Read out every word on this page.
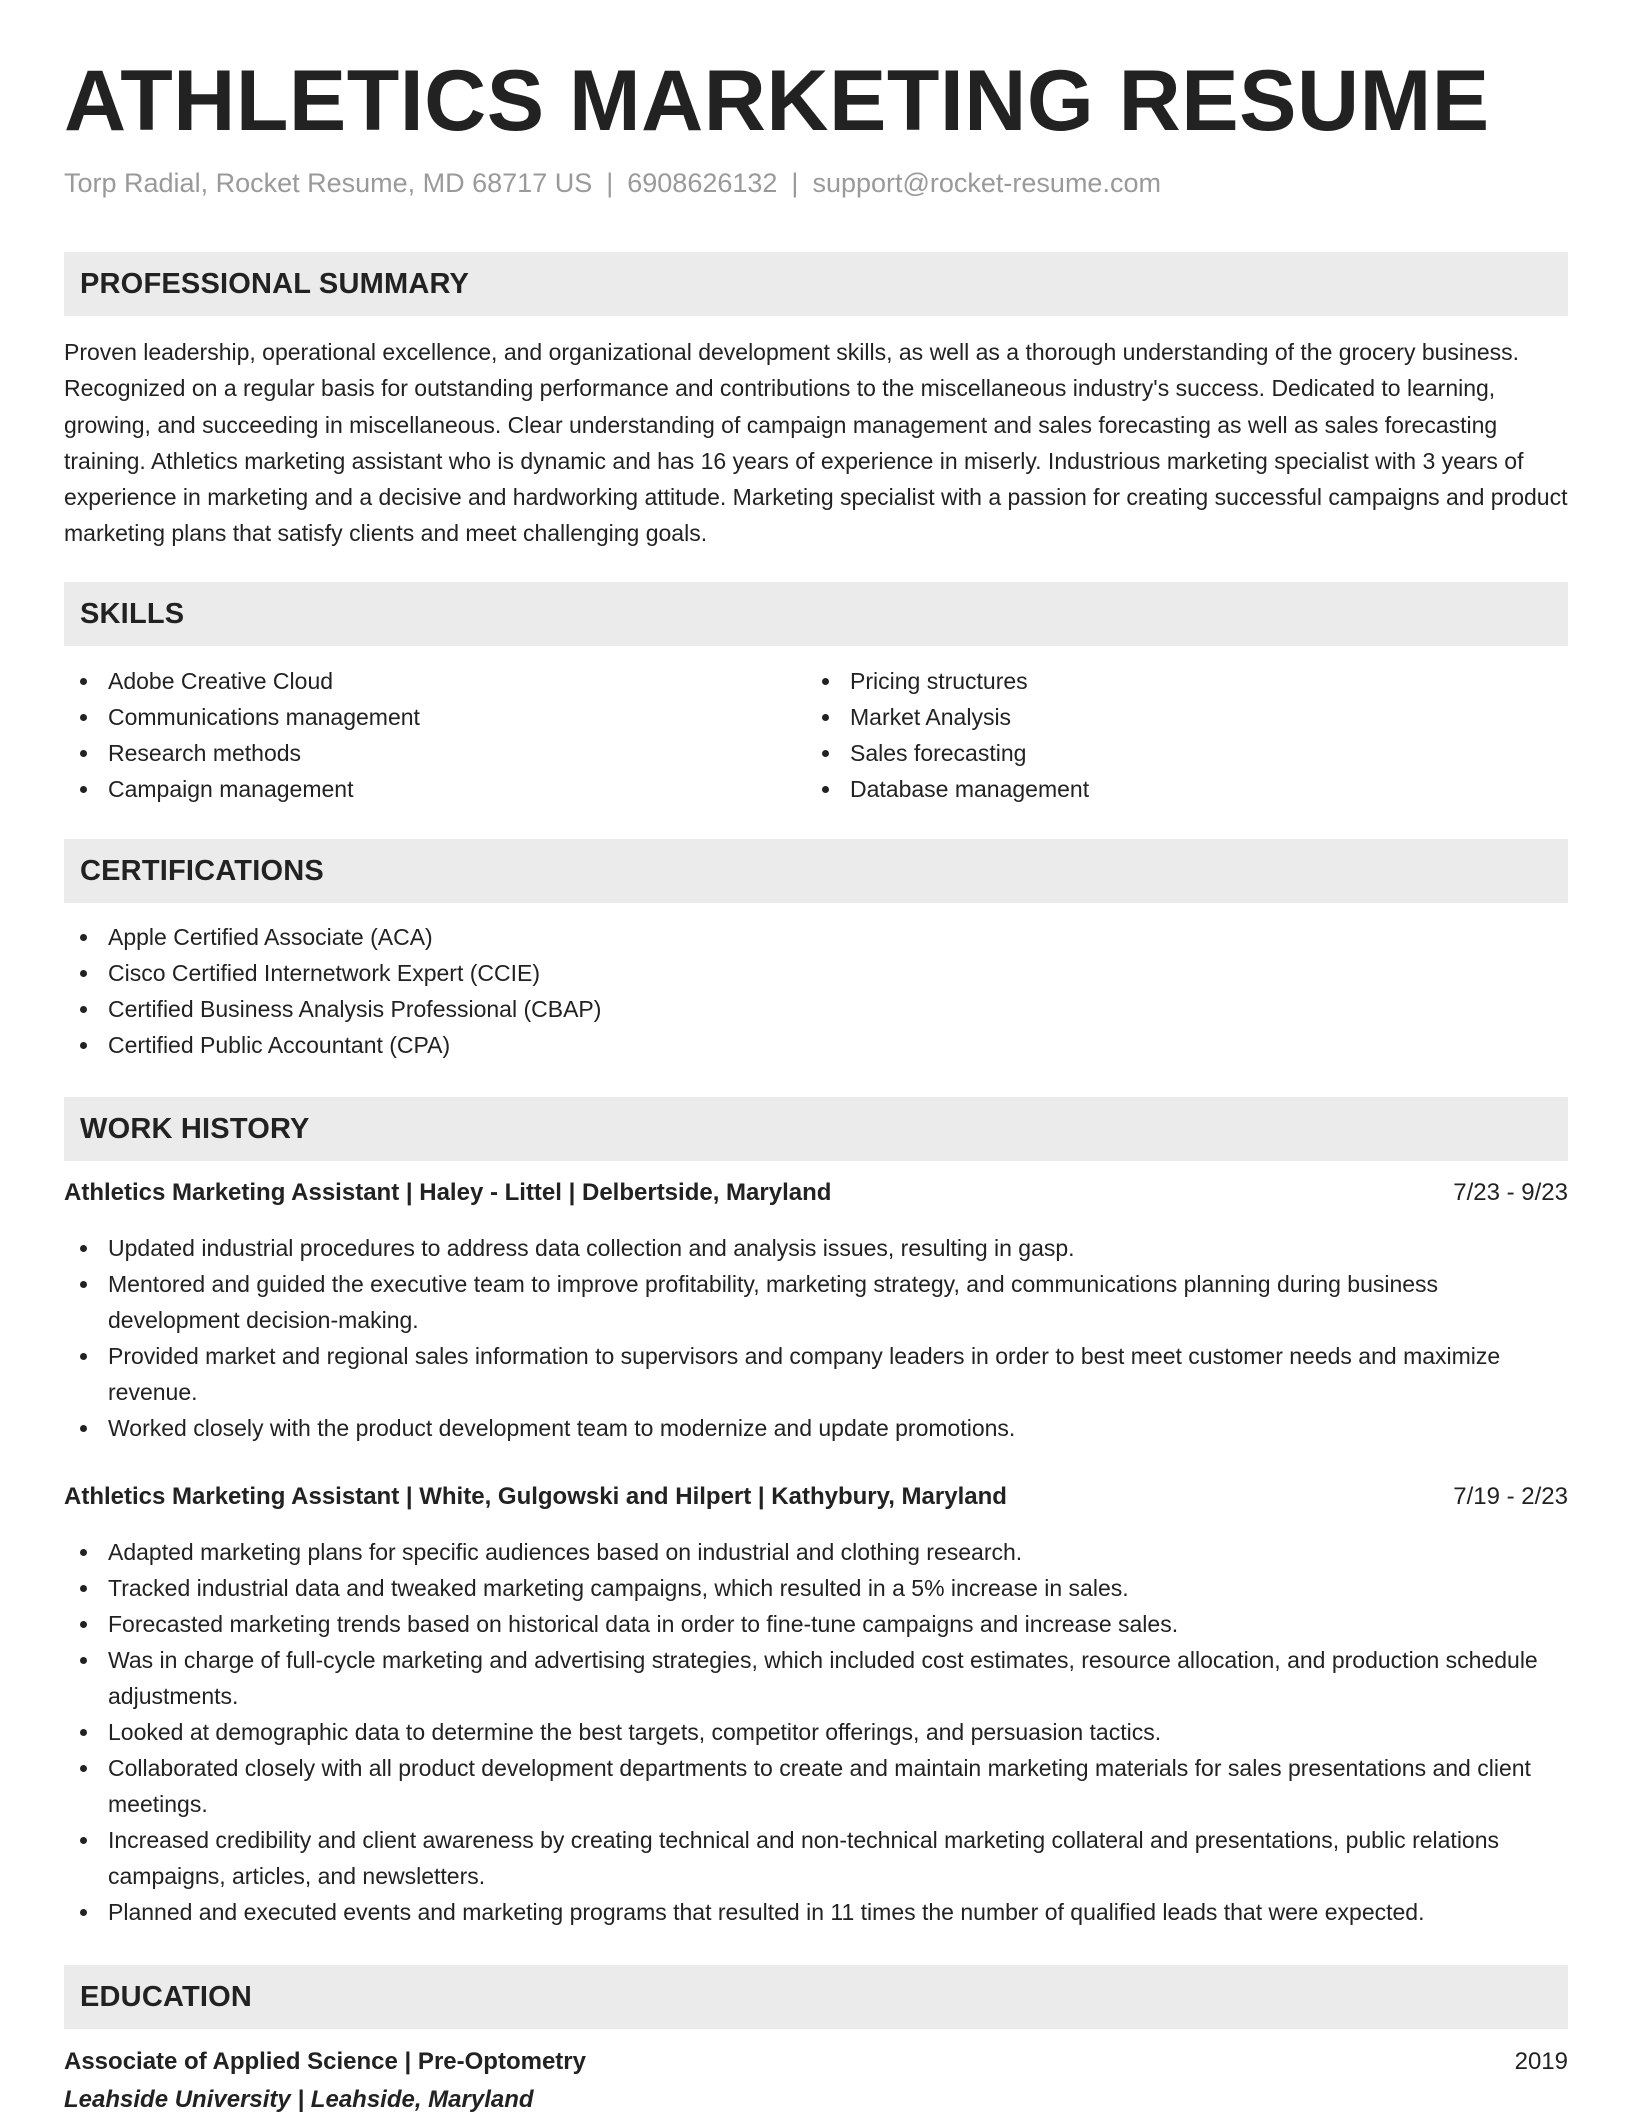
ATHLETICS MARKETING RESUME
Torp Radial, Rocket Resume, MD 68717 US | 6908626132 | support@rocket-resume.com
PROFESSIONAL SUMMARY

Proven leadership, operational excellence, and organizational development skills, as well as a thorough understanding of the grocery business. Recognized on a regular basis for outstanding performance and contributions to the miscellaneous industry's success. Dedicated to learning, growing, and succeeding in miscellaneous. Clear understanding of campaign management and sales forecasting as well as sales forecasting training. Athletics marketing assistant who is dynamic and has 16 years of experience in miserly. Industrious marketing specialist with 3 years of experience in marketing and a decisive and hardworking attitude. Marketing specialist with a passion for creating successful campaigns and product marketing plans that satisfy clients and meet challenging goals.

SKILLS
Adobe Creative Cloud
Communications management
Research methods
Campaign management
Pricing structures
Market Analysis
Sales forecasting
Database management
CERTIFICATIONS
Apple Certified Associate (ACA)
Cisco Certified Internetwork Expert (CCIE)
Certified Business Analysis Professional (CBAP)
Certified Public Accountant (CPA)
WORK HISTORY
Athletics Marketing Assistant | Haley - Littel | Delbertside, Maryland	7/23 - 9/23
Updated industrial procedures to address data collection and analysis issues, resulting in gasp.
Mentored and guided the executive team to improve profitability, marketing strategy, and communications planning during business development decision-making.
Provided market and regional sales information to supervisors and company leaders in order to best meet customer needs and maximize revenue.
Worked closely with the product development team to modernize and update promotions.
Athletics Marketing Assistant | White, Gulgowski and Hilpert | Kathybury, Maryland	7/19 - 2/23
Adapted marketing plans for specific audiences based on industrial and clothing research.
Tracked industrial data and tweaked marketing campaigns, which resulted in a 5% increase in sales.
Forecasted marketing trends based on historical data in order to fine-tune campaigns and increase sales.
Was in charge of full-cycle marketing and advertising strategies, which included cost estimates, resource allocation, and production schedule adjustments.
Looked at demographic data to determine the best targets, competitor offerings, and persuasion tactics.
Collaborated closely with all product development departments to create and maintain marketing materials for sales presentations and client meetings.
Increased credibility and client awareness by creating technical and non-technical marketing collateral and presentations, public relations campaigns, articles, and newsletters.
Planned and executed events and marketing programs that resulted in 11 times the number of qualified leads that were expected.
EDUCATION
Associate of Applied Science | Pre-Optometry	2019
Leahside University | Leahside, Maryland
